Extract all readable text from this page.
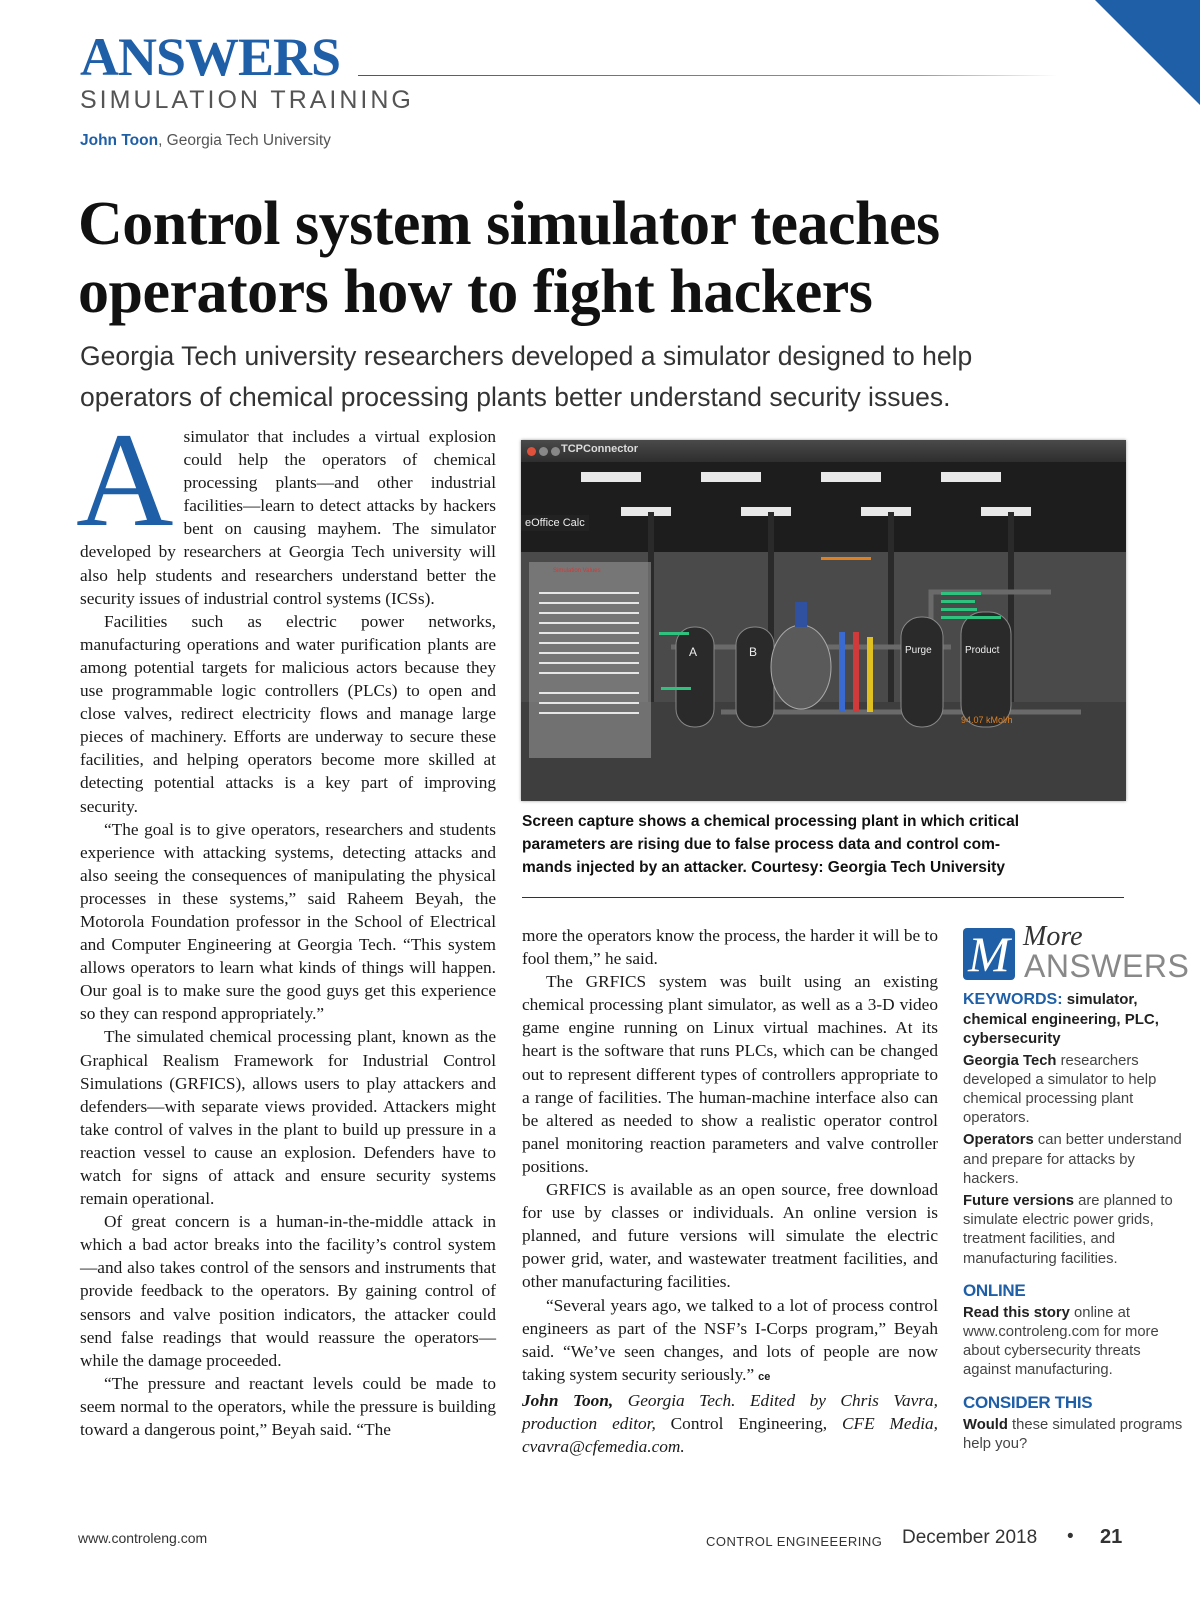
ANSWERS
SIMULATION TRAINING
John Toon, Georgia Tech University
Control system simulator teaches
operators how to fight hackers
Georgia Tech university researchers developed a simulator designed to help
operators of chemical processing plants better understand security issues.

Asimulator that includes a virtual explosion could help the operators of chemical processing plants—and other industrial facilities—learn to detect attacks by hackers bent on causing mayhem. The simulator developed by researchers at Georgia Tech university will also help students and researchers understand better the security issues of industrial control systems (ICSs).

Facilities such as electric power networks, manufacturing operations and water purification plants are among potential targets for malicious actors because they use programmable logic controllers (PLCs) to open and close valves, redirect electricity flows and manage large pieces of machinery. Efforts are underway to secure these facilities, and helping operators become more skilled at detecting potential attacks is a key part of improving security.

“The goal is to give operators, researchers and students experience with attacking systems, detecting attacks and also seeing the consequences of manipulating the physical processes in these systems,” said Raheem Beyah, the Motorola Foundation professor in the School of Electrical and Computer Engineering at Georgia Tech. “This system allows operators to learn what kinds of things will happen. Our goal is to make sure the good guys get this experience so they can respond appropriately.”

The simulated chemical processing plant, known as the Graphical Realism Framework for Industrial Control Simulations (GRFICS), allows users to play attackers and defenders—with separate views provided. Attackers might take control of valves in the plant to build up pressure in a reaction vessel to cause an explosion. Defenders have to watch for signs of attack and ensure security systems remain operational.

Of great concern is a human-in-the-middle attack in which a bad actor breaks into the facility’s control system—and also takes control of the sensors and instruments that provide feedback to the operators. By gaining control of sensors and valve position indicators, the attacker could send false readings that would reassure the operators—while the damage proceeded.

“The pressure and reactant levels could be made to seem normal to the operators, while the pressure is building toward a dangerous point,” Beyah said. “The

TCPConnector
eOffice Calc
Simulation Values
A	B	Purge	Product
94.07 kMol/h
Screen capture shows a chemical processing plant in which critical
parameters are rising due to false process data and control com-
mands injected by an attacker. Courtesy: Georgia Tech University

more the operators know the process, the harder it will be to fool them,” he said.

The GRFICS system was built using an existing chemical processing plant simulator, as well as a 3-D video game engine running on Linux virtual machines. At its heart is the software that runs PLCs, which can be changed out to represent different types of controllers appropriate to a range of facilities. The human-machine interface also can be altered as needed to show a realistic operator control panel monitoring reaction parameters and valve controller positions.

GRFICS is available as an open source, free download for use by classes or individuals. An online version is planned, and future versions will simulate the electric power grid, water, and wastewater treatment facilities, and other manufacturing facilities.

“Several years ago, we talked to a lot of process control engineers as part of the NSF’s I-Corps program,” Beyah said. “We’ve seen changes, and lots of people are now taking system security seriously.” ce

John Toon, Georgia Tech. Edited by Chris Vavra, production editor, Control Engineering, CFE Media, cvavra@cfemedia.com.

M More
ANSWERS
KEYWORDS: simulator, chemical engineering, PLC, cybersecurity
Georgia Tech researchers developed a simulator to help chemical processing plant operators.
Operators can better understand and prepare for attacks by hackers.
Future versions are planned to simulate electric power grids, treatment facilities, and manufacturing facilities.
ONLINE
Read this story online at www.controleng.com for more about cybersecurity threats against manufacturing.
CONSIDER THIS
Would these simulated programs help you?
www.controleng.com	CONTROL ENGINEEERING December 2018 • 21
